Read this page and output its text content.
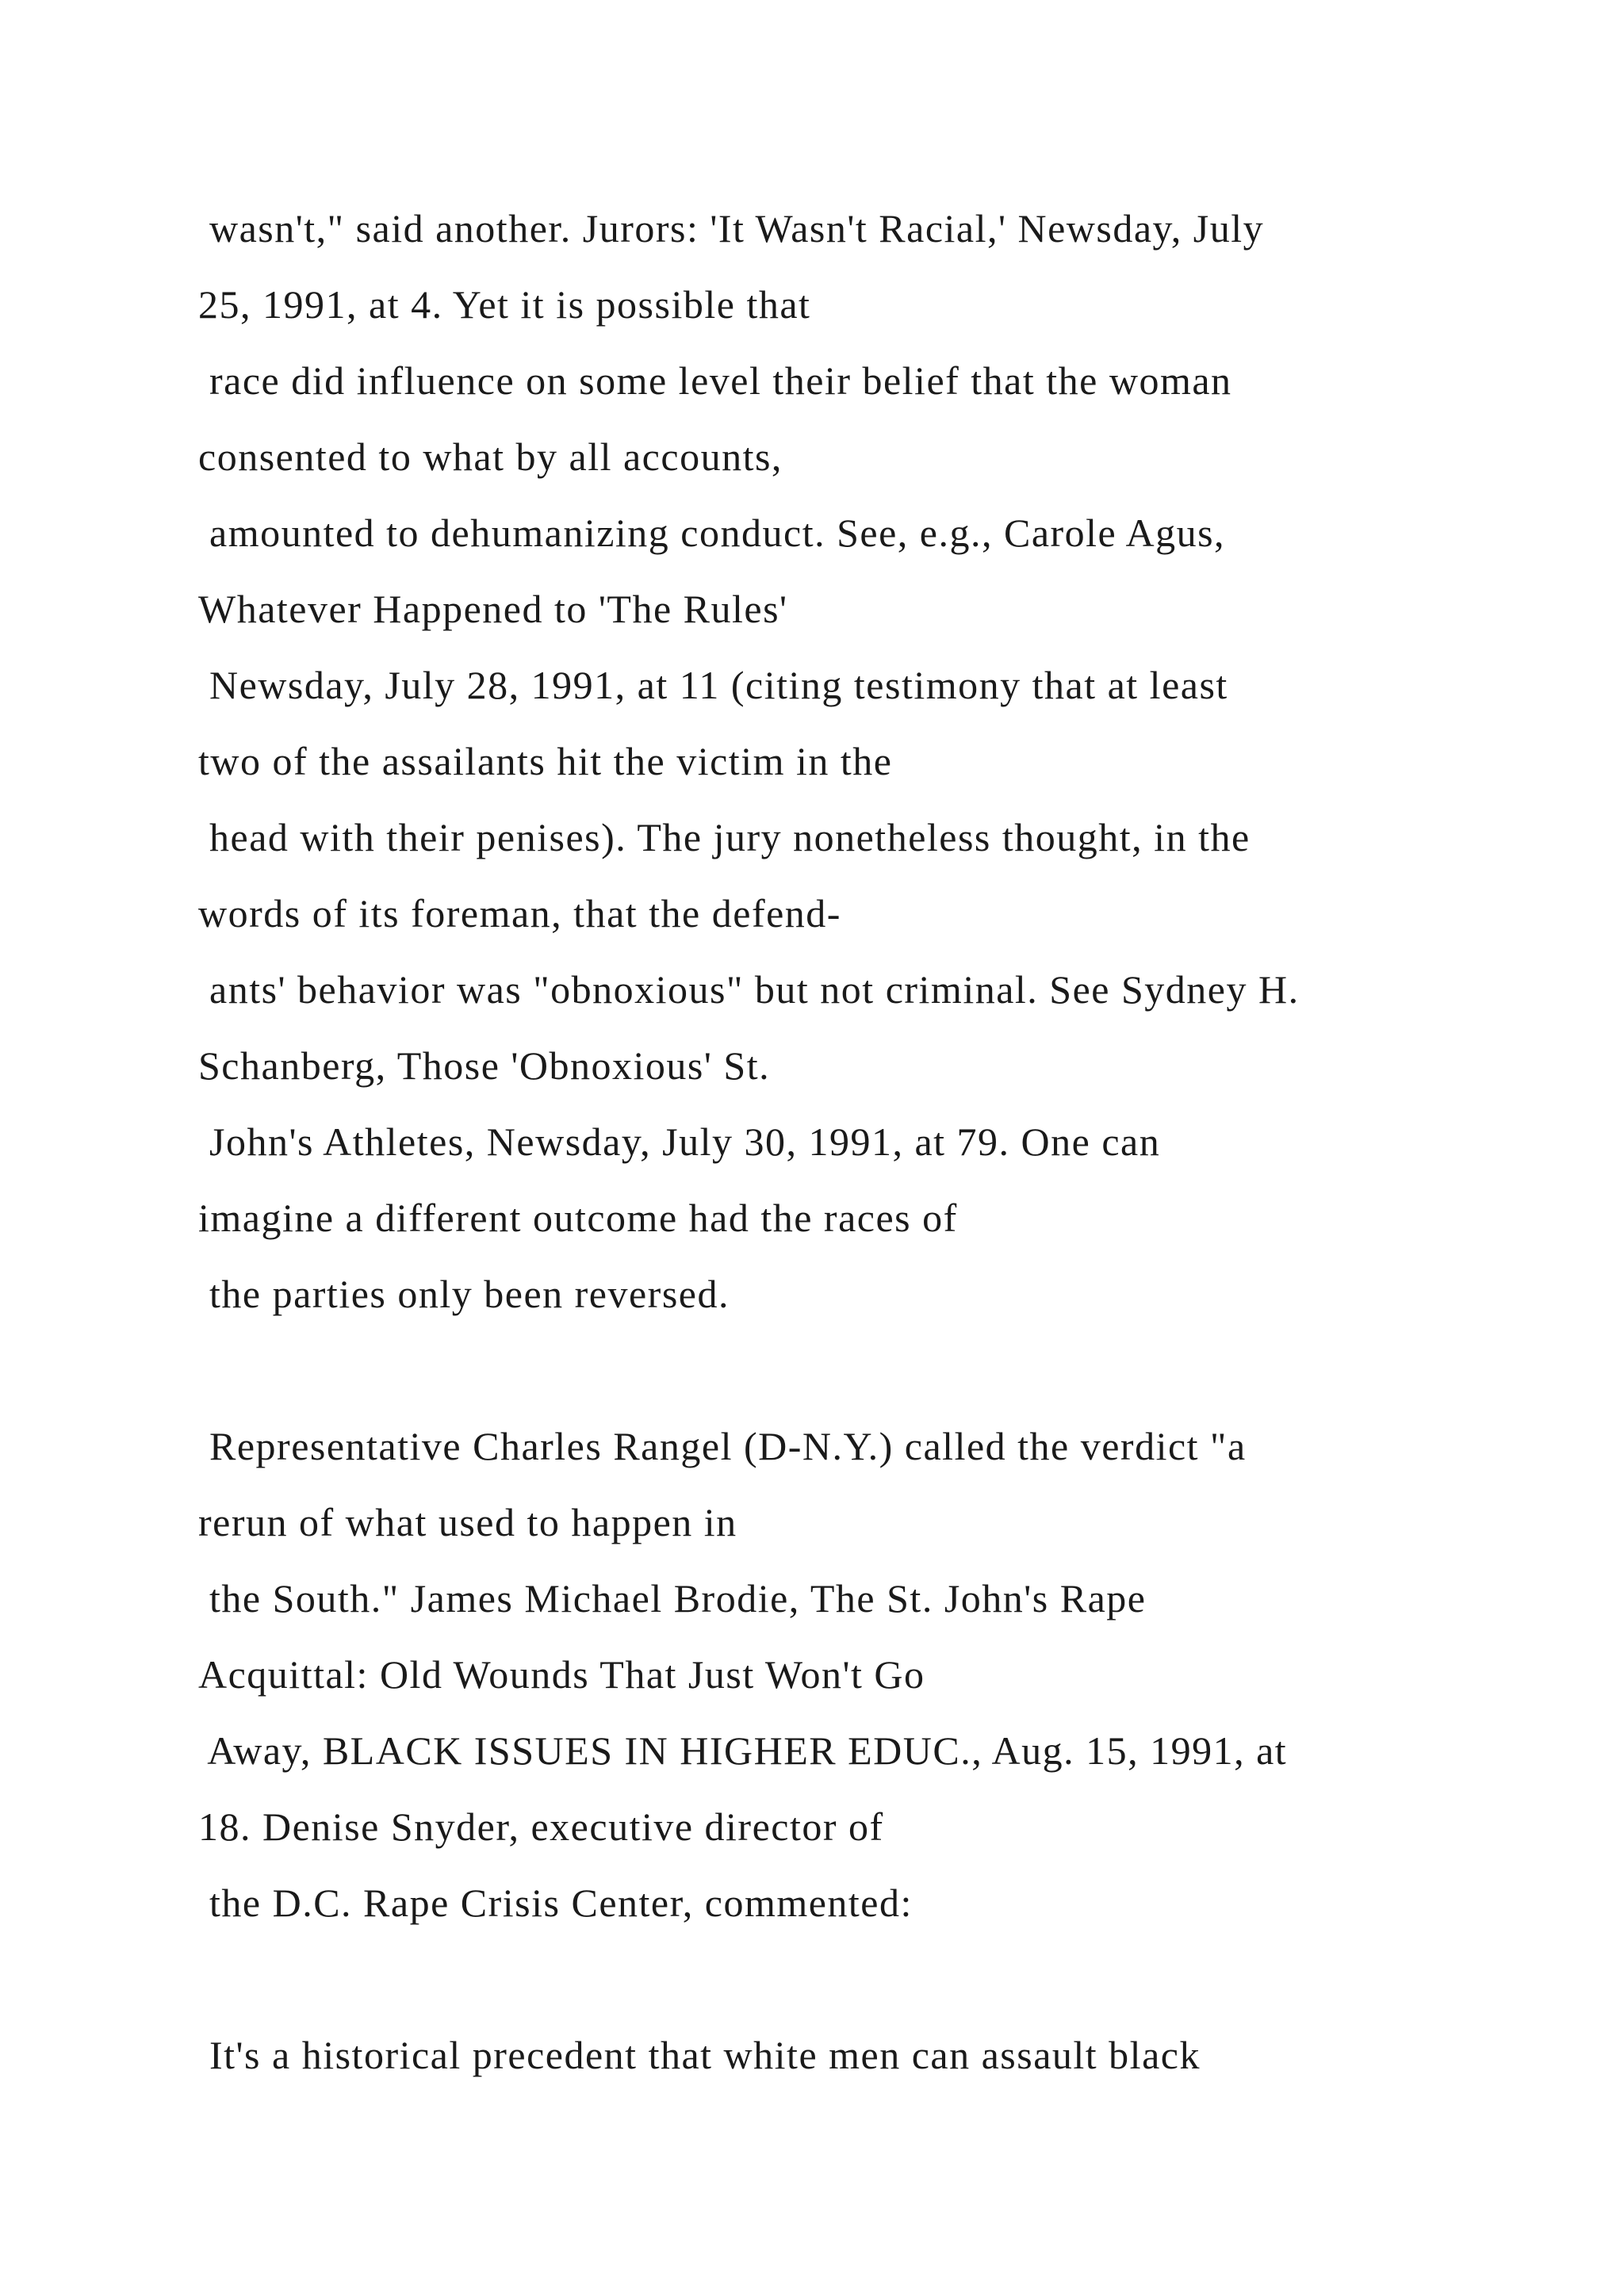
wasn't," said another. Jurors: 'It Wasn't Racial,' Newsday, July
25, 1991, at 4. Yet it is possible that
race did influence on some level their belief that the woman
consented to what by all accounts,
amounted to dehumanizing conduct. See, e.g., Carole Agus,
Whatever Happened to 'The Rules'
Newsday, July 28, 1991, at 11 (citing testimony that at least
two of the assailants hit the victim in the
head with their penises). The jury nonetheless thought, in the
words of its foreman, that the defend-
ants' behavior was "obnoxious" but not criminal. See Sydney H.
Schanberg, Those 'Obnoxious' St.
John's Athletes, Newsday, July 30, 1991, at 79. One can
imagine a different outcome had the races of
the parties only been reversed.
Representative Charles Rangel (D-N.Y.) called the verdict "a
rerun of what used to happen in
the South." James Michael Brodie, The St. John's Rape
Acquittal: Old Wounds That Just Won't Go
Away, BLACK ISSUES IN HIGHER EDUC., Aug. 15, 1991, at
18. Denise Snyder, executive director of
the D.C. Rape Crisis Center, commented:
It's a historical precedent that white men can assault black
